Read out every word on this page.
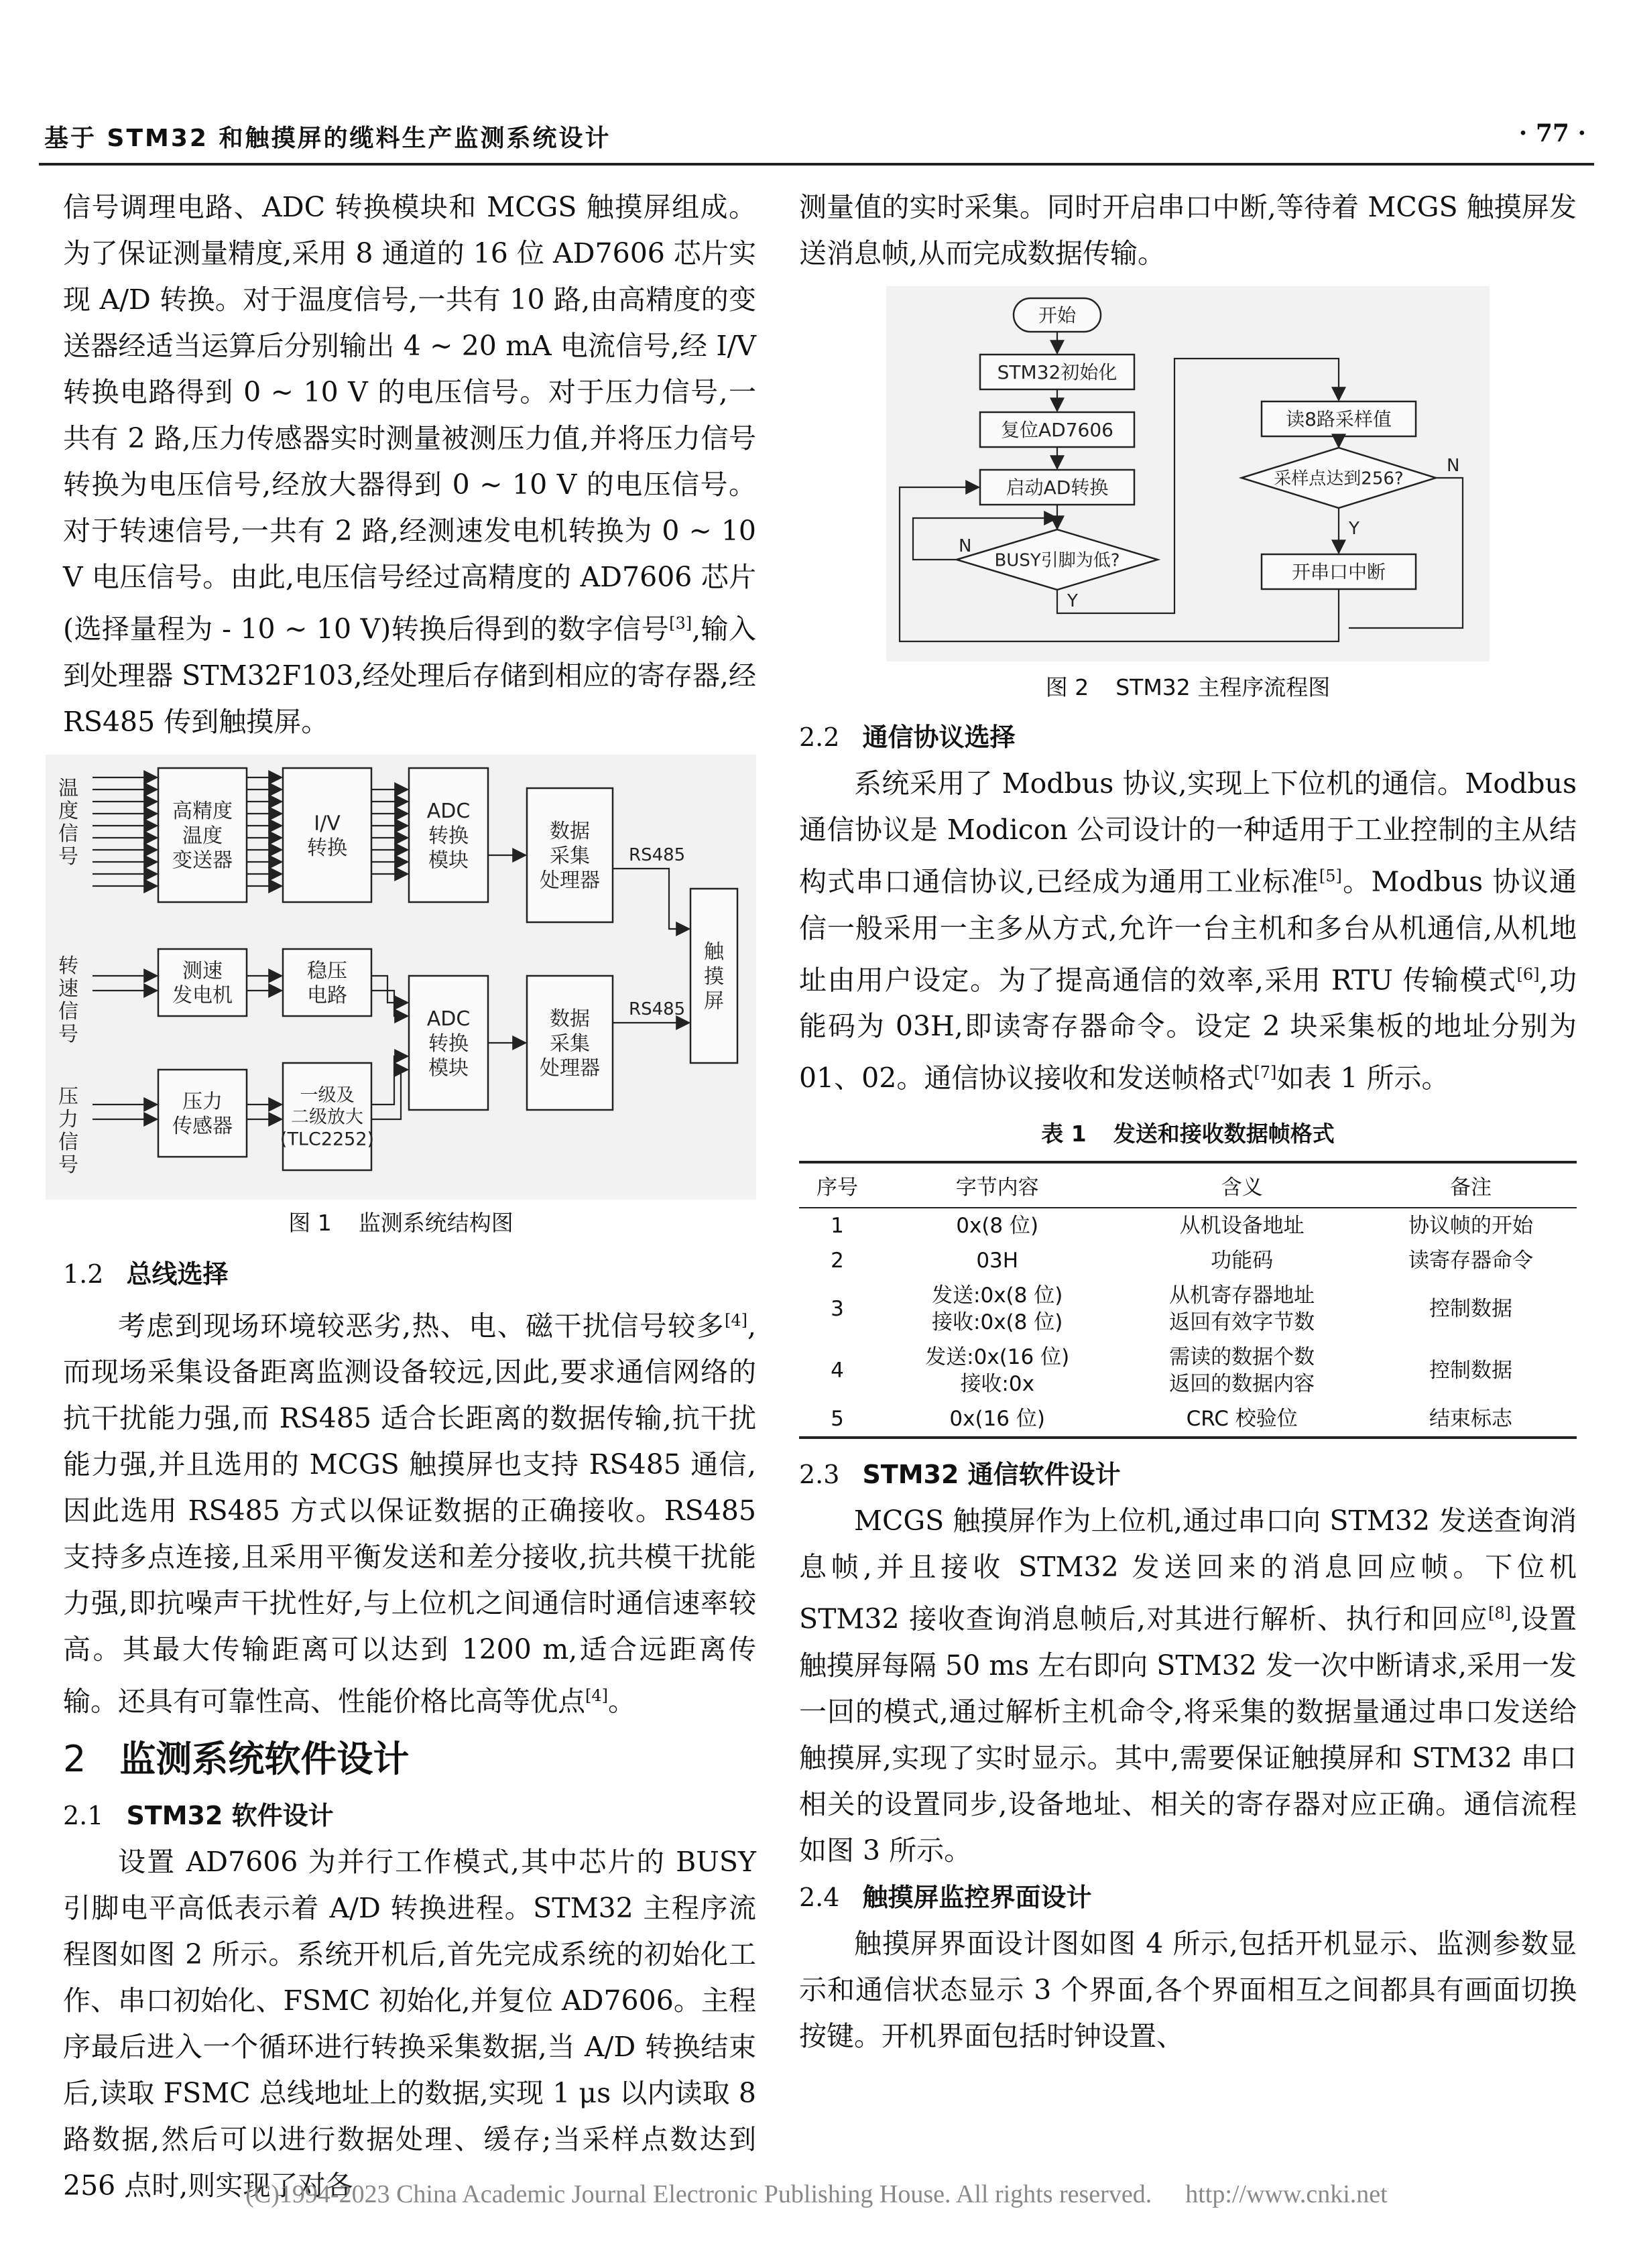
基于 STM32 和触摸屏的缆料生产监测系统设计	· 77 ·

信号调理电路、ADC 转换模块和 MCGS 触摸屏组成。为了保证测量精度,采用 8 通道的 16 位 AD7606 芯片实现 A/D 转换。对于温度信号,一共有 10 路,由高精度的变送器经适当运算后分别输出 4 ~ 20 mA 电流信号,经 I/V 转换电路得到 0 ~ 10 V 的电压信号。对于压力信号,一共有 2 路,压力传感器实时测量被测压力值,并将压力信号转换为电压信号,经放大器得到 0 ~ 10 V 的电压信号。对于转速信号,一共有 2 路,经测速发电机转换为 0 ~ 10 V 电压信号。由此,电压信号经过高精度的 AD7606 芯片(选择量程为 - 10 ~ 10 V)转换后得到的数字信号[3],输入到处理器 STM32F103,经处理后存储到相应的寄存器,经 RS485 传到触摸屏。

温
度
信
号
转
速
信
号
压
力
信
号
高精度
温度
变送器
I/V
转换
ADC
转换
模块
数据
采集
处理器
测速
发电机
稳压
电路
ADC
转换
模块
数据
采集
处理器
压力
传感器
一级及
二级放大
(TLC2252)
触
摸
屏
RS485
RS485
图 1 监测系统结构图
1.2 总线选择

考虑到现场环境较恶劣,热、电、磁干扰信号较多[4],而现场采集设备距离监测设备较远,因此,要求通信网络的抗干扰能力强,而 RS485 适合长距离的数据传输,抗干扰能力强,并且选用的 MCGS 触摸屏也支持 RS485 通信,因此选用 RS485 方式以保证数据的正确接收。RS485 支持多点连接,且采用平衡发送和差分接收,抗共模干扰能力强,即抗噪声干扰性好,与上位机之间通信时通信速率较高。其最大传输距离可以达到 1200 m,适合远距离传输。还具有可靠性高、性能价格比高等优点[4]。

2 监测系统软件设计
2.1 STM32 软件设计

设置 AD7606 为并行工作模式,其中芯片的 BUSY 引脚电平高低表示着 A/D 转换进程。STM32 主程序流程图如图 2 所示。系统开机后,首先完成系统的初始化工作、串口初始化、FSMC 初始化,并复位 AD7606。主程序最后进入一个循环进行转换采集数据,当 A/D 转换结束后,读取 FSMC 总线地址上的数据,实现 1 μs 以内读取 8 路数据,然后可以进行数据处理、缓存;当采样点数达到 256 点时,则实现了对各

测量值的实时采集。同时开启串口中断,等待着 MCGS 触摸屏发送消息帧,从而完成数据传输。

开始
STM32初始化
复位AD7606
启动AD转换
BUSY引脚为低?
读8路采样值
采样点达到256?
开串口中断
N
Y
N
Y
图 2 STM32 主程序流程图
2.2 通信协议选择

系统采用了 Modbus 协议,实现上下位机的通信。Modbus 通信协议是 Modicon 公司设计的一种适用于工业控制的主从结构式串口通信协议,已经成为通用工业标准[5]。Modbus 协议通信一般采用一主多从方式,允许一台主机和多台从机通信,从机地址由用户设定。为了提高通信的效率,采用 RTU 传输模式[6],功能码为 03H,即读寄存器命令。设定 2 块采集板的地址分别为 01、02。通信协议接收和发送帧格式[7]如表 1 所示。

表 1 发送和接收数据帧格式
序号	字节内容	含义	备注
1	0x(8 位)	从机设备地址	协议帧的开始
2	03H	功能码	读寄存器命令
3	发送:0x(8 位)
接收:0x(8 位)	从机寄存器地址
返回有效字节数	控制数据
4	发送:0x(16 位)
接收:0x	需读的数据个数
返回的数据内容	控制数据
5	0x(16 位)	CRC 校验位	结束标志
2.3 STM32 通信软件设计

MCGS 触摸屏作为上位机,通过串口向 STM32 发送查询消息帧,并且接收 STM32 发送回来的消息回应帧。下位机 STM32 接收查询消息帧后,对其进行解析、执行和回应[8],设置触摸屏每隔 50 ms 左右即向 STM32 发一次中断请求,采用一发一回的模式,通过解析主机命令,将采集的数据量通过串口发送给触摸屏,实现了实时显示。其中,需要保证触摸屏和 STM32 串口相关的设置同步,设备地址、相关的寄存器对应正确。通信流程如图 3 所示。

2.4 触摸屏监控界面设计

触摸屏界面设计图如图 4 所示,包括开机显示、监测参数显示和通信状态显示 3 个界面,各个界面相互之间都具有画面切换按键。开机界面包括时钟设置、

(C)1994-2023 China Academic Journal Electronic Publishing House. All rights reserved. http://www.cnki.net
